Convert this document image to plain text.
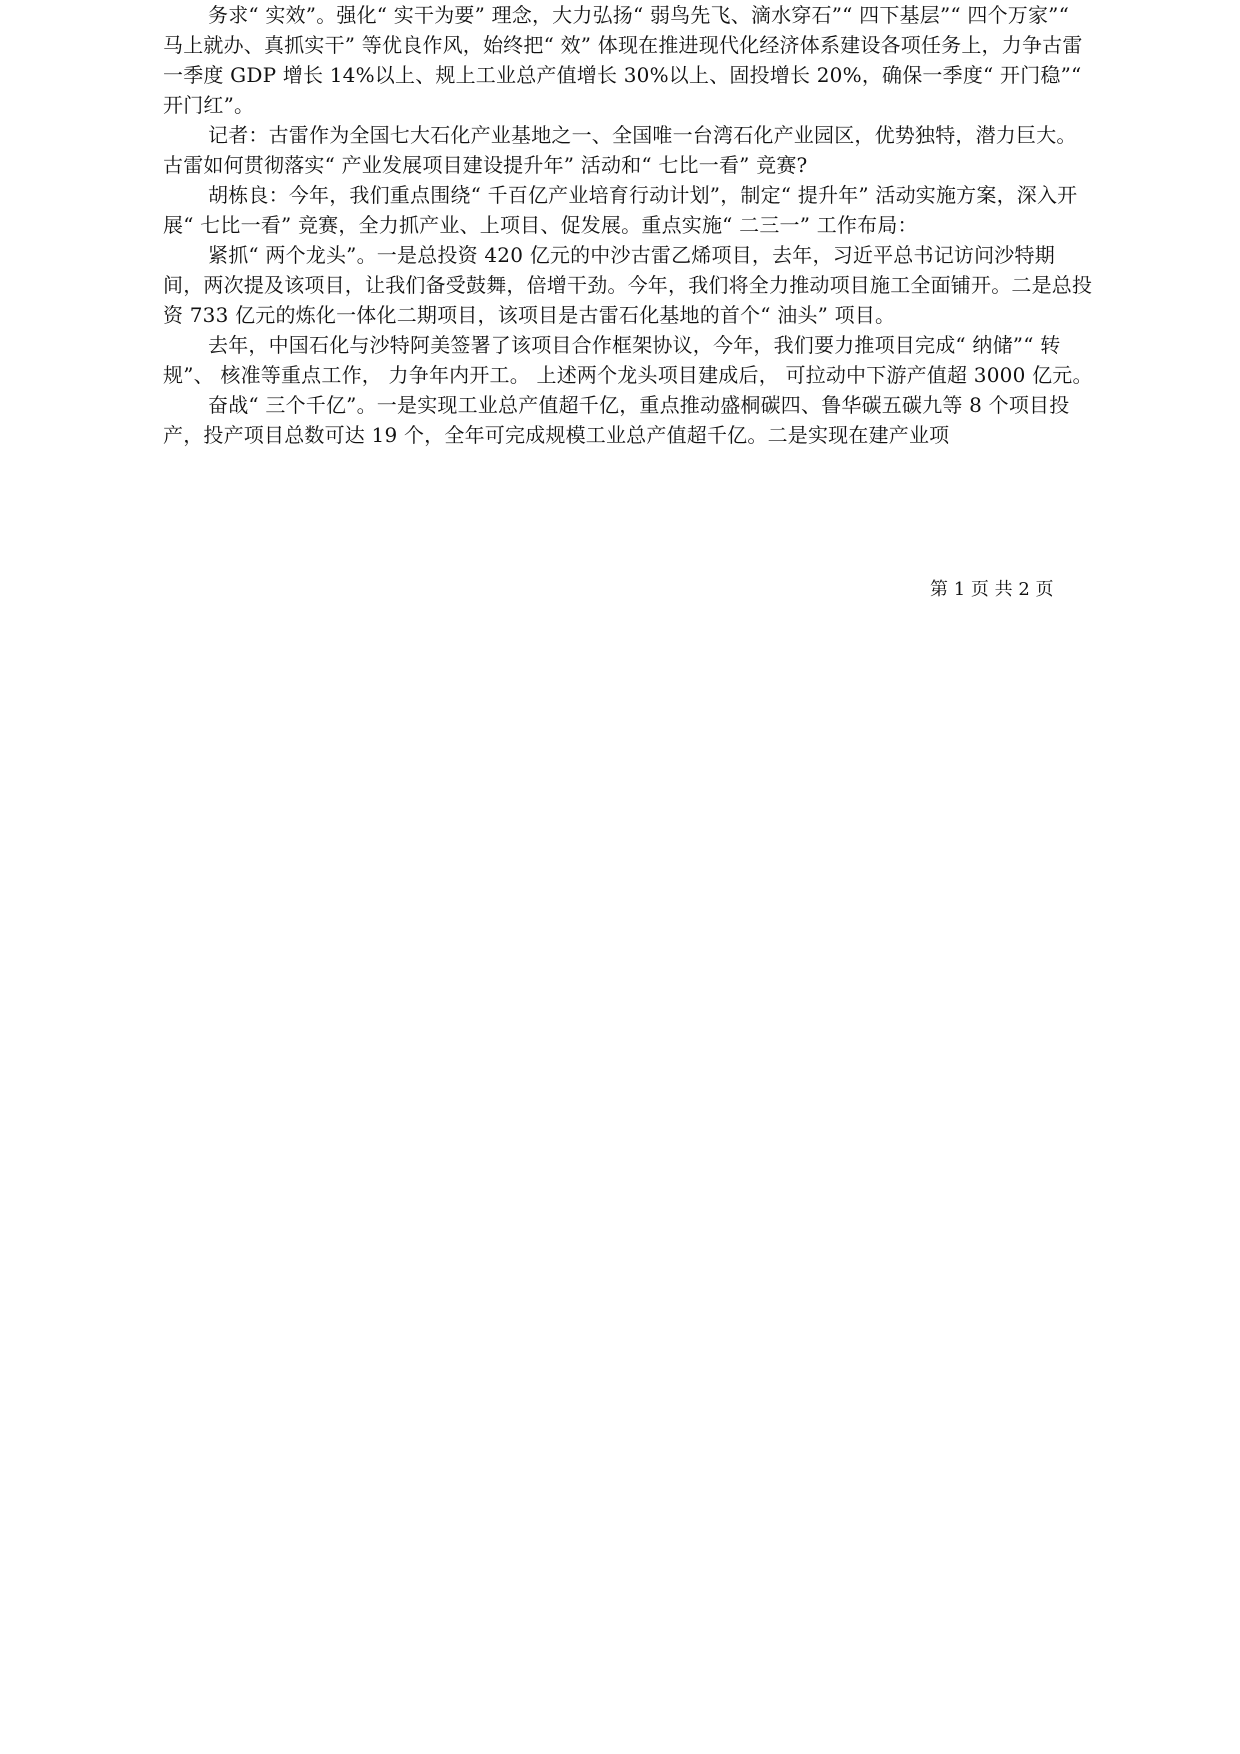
务求“ 实效”。强化“ 实干为要” 理念，大力弘扬“ 弱鸟先飞、滴水穿石”“ 四下基层”“ 四个万家”“ 马上就办、真抓实干” 等优良作风，始终把“ 效” 体现在推进现代化经济体系建设各项任务上，力争古雷一季度 GDP 增长 14%以上、规上工业总产值增长 30%以上、固投增长 20%，确保一季度“ 开门稳”“ 开门红”。

记者：古雷作为全国七大石化产业基地之一、全国唯一台湾石化产业园区，优势独特，潜力巨大。古雷如何贯彻落实“ 产业发展项目建设提升年” 活动和“ 七比一看” 竞赛?

胡栋良：今年，我们重点围绕“ 千百亿产业培育行动计划”，制定“ 提升年” 活动实施方案，深入开展“ 七比一看” 竞赛，全力抓产业、上项目、促发展。重点实施“ 二三一” 工作布局：

紧抓“ 两个龙头”。一是总投资 420 亿元的中沙古雷乙烯项目，去年，习近平总书记访问沙特期间，两次提及该项目，让我们备受鼓舞，倍增干劲。今年，我们将全力推动项目施工全面铺开。二是总投资 733 亿元的炼化一体化二期项目，该项目是古雷石化基地的首个“ 油头” 项目。

去年，中国石化与沙特阿美签署了该项目合作框架协议，今年，我们要力推项目完成“ 纳储”“ 转规”、 核准等重点工作， 力争年内开工。 上述两个龙头项目建成后， 可拉动中下游产值超 3000 亿元。

奋战“ 三个千亿”。一是实现工业总产值超千亿，重点推动盛桐碳四、鲁华碳五碳九等 8 个项目投产，投产项目总数可达 19 个，全年可完成规模工业总产值超千亿。二是实现在建产业项

第 1 页 共 2 页
